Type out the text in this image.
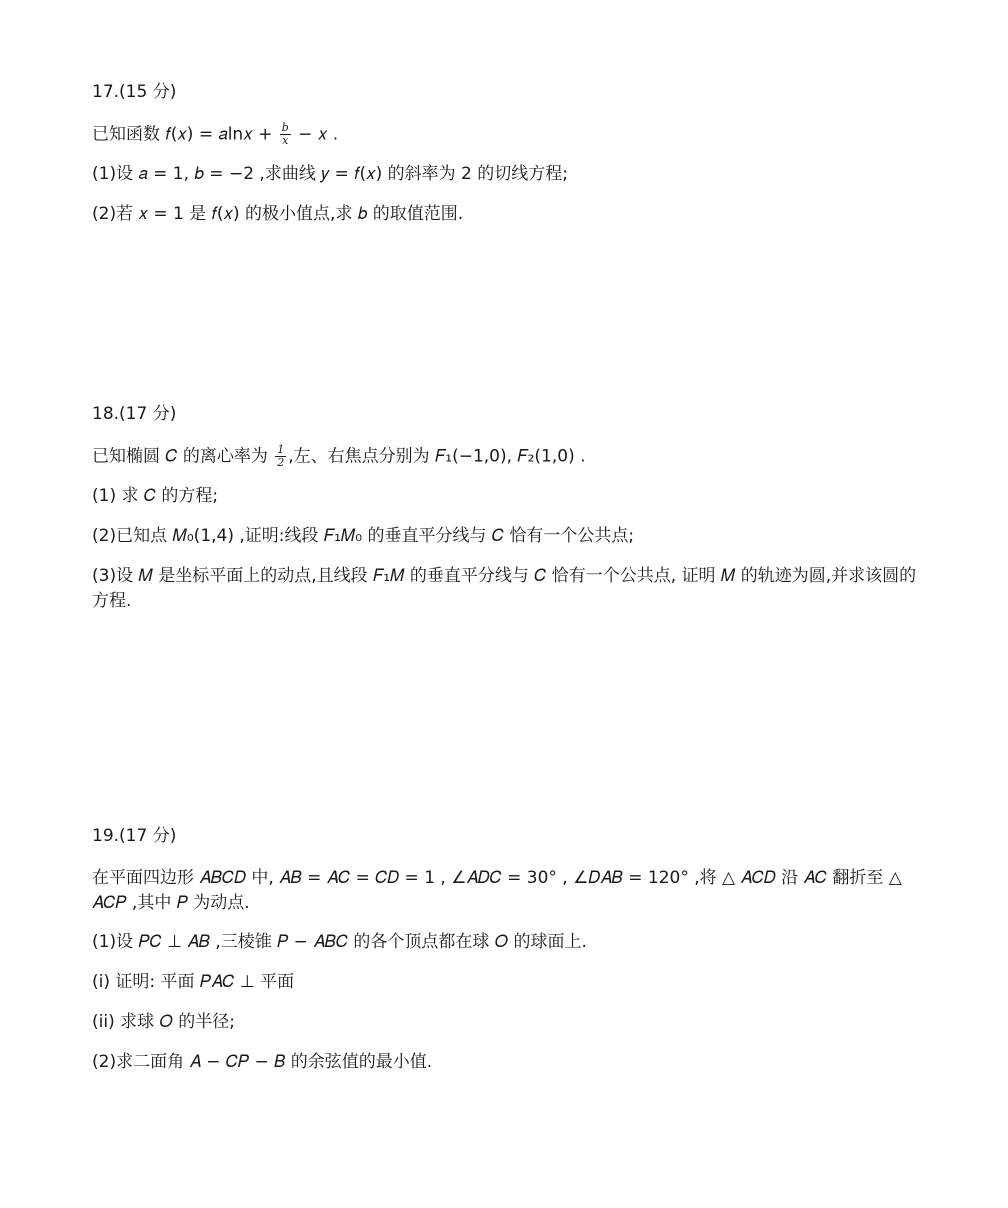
17.(15 分)
已知函数 𝑓(𝑥) = 𝑎ln𝑥 + $\frac{\text{𝑏}}{\text{𝑥}}$ − 𝑥 .
(1)设 𝑎 = 1, 𝑏 = −2 ,求曲线 𝑦 = 𝑓(𝑥) 的斜率为 2 的切线方程;
(2)若 𝑥 = 1 是 𝑓(𝑥) 的极小值点,求 𝑏 的取值范围.
18.(17 分)
已知椭圆 𝐶 的离心率为 $\frac{1}{2}$ ,左、右焦点分别为 𝐹₁(−1,0), 𝐹₂(1,0) .
(1) 求 𝐶 的方程;
(2)已知点 𝑀₀(1,4) ,证明:线段 𝐹₁𝑀₀ 的垂直平分线与 𝐶 恰有一个公共点;
(3)设 𝑀 是坐标平面上的动点,且线段 𝐹₁𝑀 的垂直平分线与 𝐶 恰有一个公共点, 证明 𝑀 的轨迹为圆,并求该圆的方程.
19.(17 分)
在平面四边形 𝐴𝐵𝐶𝐷 中, 𝐴𝐵 = 𝐴𝐶 = 𝐶𝐷 = 1 , ∠𝐴𝐷𝐶 = 30° , ∠𝐷𝐴𝐵 = 120° ,将 △ 𝐴𝐶𝐷 沿 𝐴𝐶 翻折至 △ 𝐴𝐶𝑃 ,其中 𝑃 为动点.
(1)设 𝑃𝐶 ⊥ 𝐴𝐵 ,三棱锥 𝑃 − 𝐴𝐵𝐶 的各个顶点都在球 𝑂 的球面上.
(i) 证明: 平面 𝑃𝐴𝐶 ⊥ 平面
(ii) 求球 𝑂 的半径;
(2)求二面角 𝐴 − 𝐶𝑃 − 𝐵 的余弦值的最小值.
